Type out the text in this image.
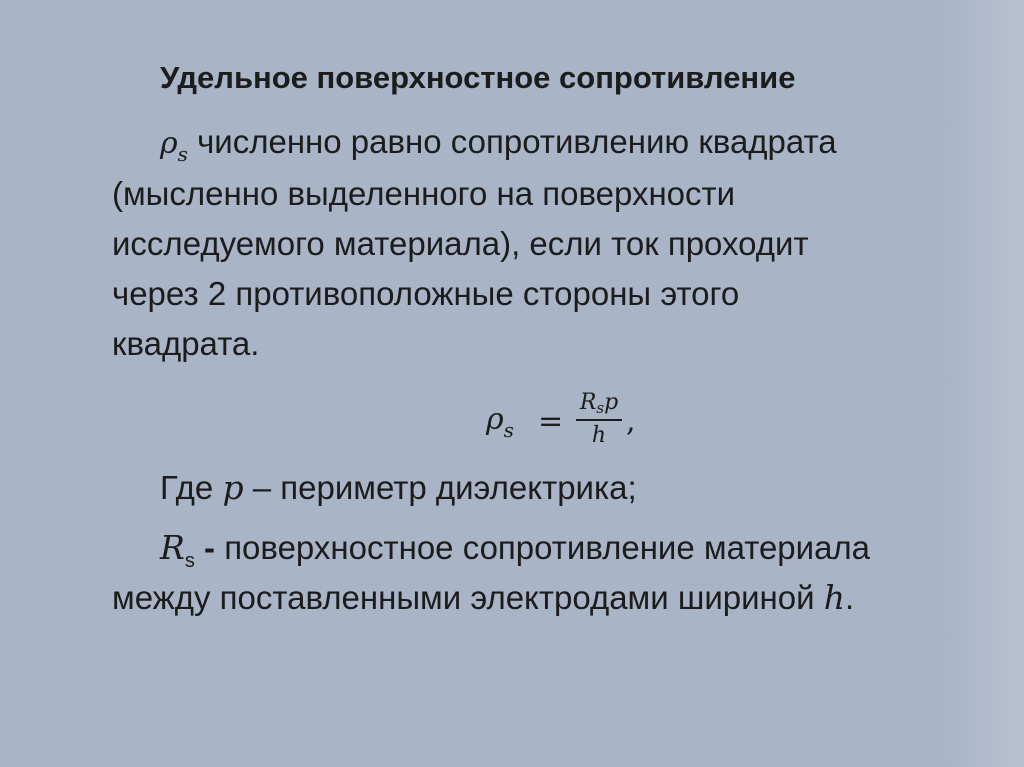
Удельное поверхностное сопротивление
$\rho_s$ численно равно сопротивлению квадрата
(мысленно выделенного на поверхности
исследуемого материала), если ток проходит
через 2 противоположные стороны этого
квадрата.
$\rho_s$ =
Rsp
h ,
Где p – периметр диэлектрика;
$R_s$ - поверхностное сопротивление материала
между поставленными электродами шириной h.
